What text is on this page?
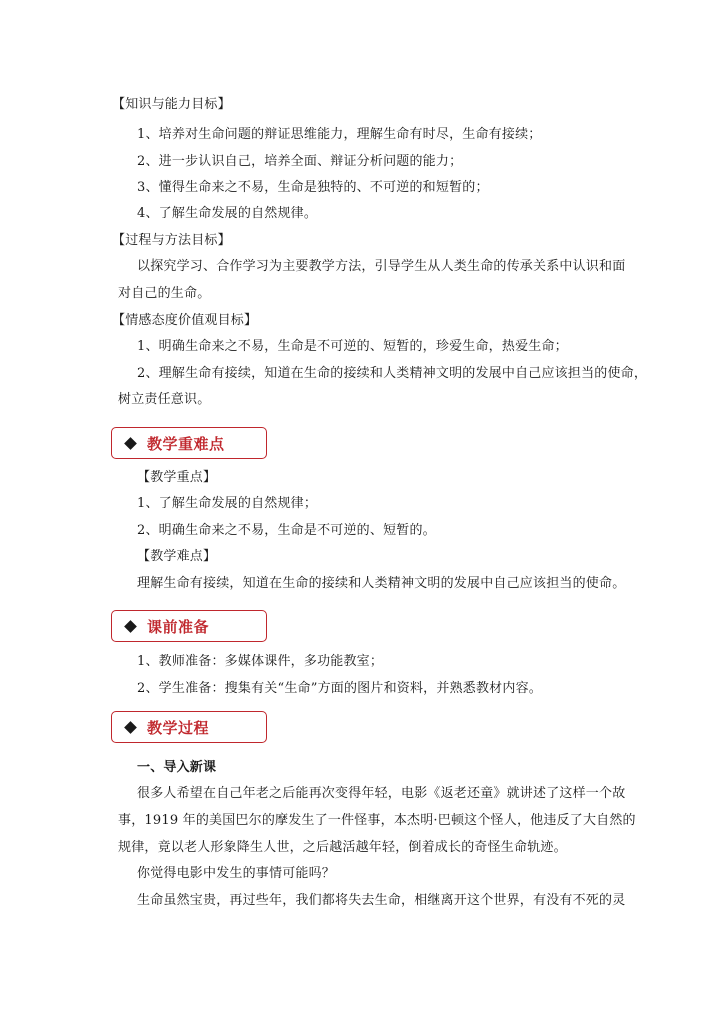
【知识与能力目标】
1、培养对生命问题的辩证思维能力，理解生命有时尽，生命有接续；
2、进一步认识自己，培养全面、辩证分析问题的能力；
3、懂得生命来之不易，生命是独特的、不可逆的和短暂的；
4、了解生命发展的自然规律。
【过程与方法目标】
以探究学习、合作学习为主要教学方法，引导学生从人类生命的传承关系中认识和面
对自己的生命。
【情感态度价值观目标】
1、明确生命来之不易，生命是不可逆的、短暂的，珍爱生命，热爱生命；
2、理解生命有接续，知道在生命的接续和人类精神文明的发展中自己应该担当的使命，
树立责任意识。
教学重难点
【教学重点】
1、了解生命发展的自然规律；
2、明确生命来之不易，生命是不可逆的、短暂的。
【教学难点】
理解生命有接续，知道在生命的接续和人类精神文明的发展中自己应该担当的使命。
课前准备
1、教师准备：多媒体课件，多功能教室；
2、学生准备：搜集有关“生命”方面的图片和资料，并熟悉教材内容。
教学过程
一、导入新课
很多人希望在自己年老之后能再次变得年轻，电影《返老还童》就讲述了这样一个故
事，1919 年的美国巴尔的摩发生了一件怪事，本杰明·巴顿这个怪人，他违反了大自然的
规律，竟以老人形象降生人世，之后越活越年轻，倒着成长的奇怪生命轨迹。
你觉得电影中发生的事情可能吗？
生命虽然宝贵，再过些年，我们都将失去生命，相继离开这个世界，有没有不死的灵
